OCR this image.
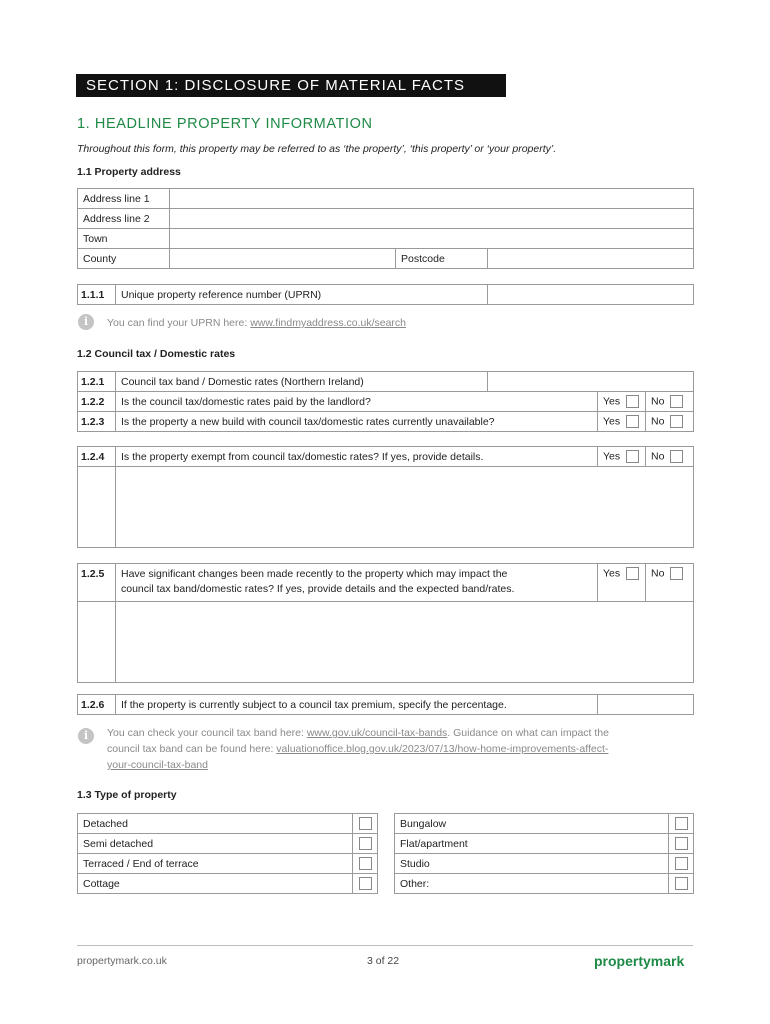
SECTION 1: DISCLOSURE OF MATERIAL FACTS
1. HEADLINE PROPERTY INFORMATION
Throughout this form, this property may be referred to as ‘the property’, ‘this property’ or ‘your property’.
1.1 Property address
Address line 1			
Address line 2			
Town			
County		Postcode	
1.1.1	Unique property reference number (UPRN)	
i	You can find your UPRN here: www.findmyaddress.co.uk/search
1.2 Council tax / Domestic rates
1.2.1	Council tax band / Domestic rates (Northern Ireland)			
1.2.2	Is the council tax/domestic rates paid by the landlord?		Yes	No
1.2.3	Is the property a new build with council tax/domestic rates currently unavailable?		Yes	No
1.2.4	Is the property exempt from council tax/domestic rates? If yes, provide details.	Yes	No

1.2.5	Have significant changes been made recently to the property which may impact the
council tax band/domestic rates? If yes, provide details and the expected band/rates.	Yes	No

1.2.6	If the property is currently subject to a council tax premium, specify the percentage.	
i	You can check your council tax band here: www.gov.uk/council-tax-bands. Guidance on what can impact the
council tax band can be found here: valuationoffice.blog.gov.uk/2023/07/13/how-home-improvements-affect-
your-council-tax-band
1.3 Type of property
Detached	
Semi detached	
Terraced / End of terrace	
Cottage	
Bungalow	
Flat/apartment	
Studio	
Other:	
propertymark.co.uk	3 of 22	propertymark
